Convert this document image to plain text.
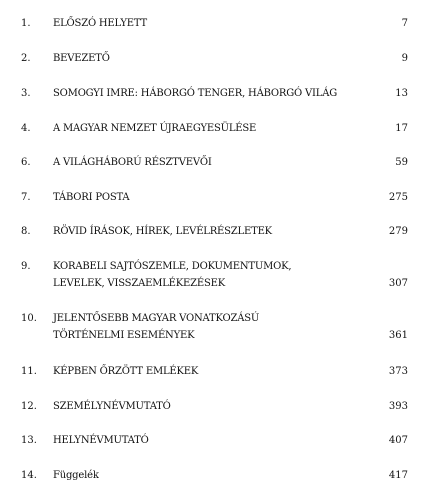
1.	ELŐSZÓ HELYETT	7
2.	BEVEZETŐ	9
3.	SOMOGYI IMRE: HÁBORGÓ TENGER, HÁBORGÓ VILÁG	13
4.	A MAGYAR NEMZET ÚJRAEGYESÜLÉSE	17
6.	A VILÁGHÁBORÚ RÉSZTVEVŐI	59
7.	TÁBORI POSTA	275
8.	RÖVID ÍRÁSOK, HÍREK, LEVÉLRÉSZLETEK	279
9.	KORABELI SAJTÓSZEMLE, DOKUMENTUMOK,
LEVELEK, VISSZAEMLÉKEZÉSEK	307
10.	JELENTŐSEBB MAGYAR VONATKOZÁSÚ
TÖRTÉNELMI ESEMÉNYEK	361
11.	KÉPBEN ŐRZÖTT EMLÉKEK	373
12.	SZEMÉLYNÉVMUTATÓ	393
13.	HELYNÉVMUTATÓ	407
14.	Függelék	417
